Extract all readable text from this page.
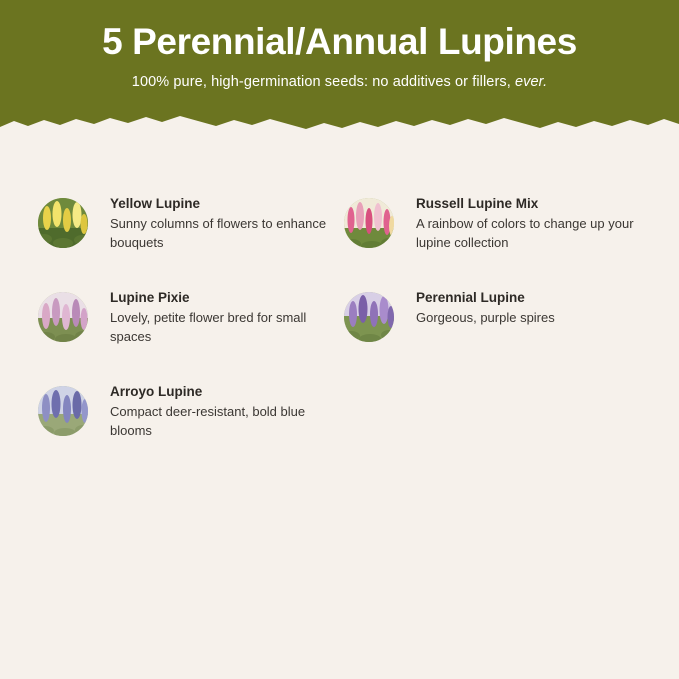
5 Perennial/Annual Lupines
100% pure, high-germination seeds: no additives or fillers, ever.

Yellow Lupine

Sunny columns of flowers to enhance bouquets

Lupine Pixie

Lovely, petite flower bred for small spaces

Arroyo Lupine

Compact deer-resistant, bold blue blooms

Russell Lupine Mix

A rainbow of colors to change up your lupine collection

Perennial Lupine

Gorgeous, purple spires
